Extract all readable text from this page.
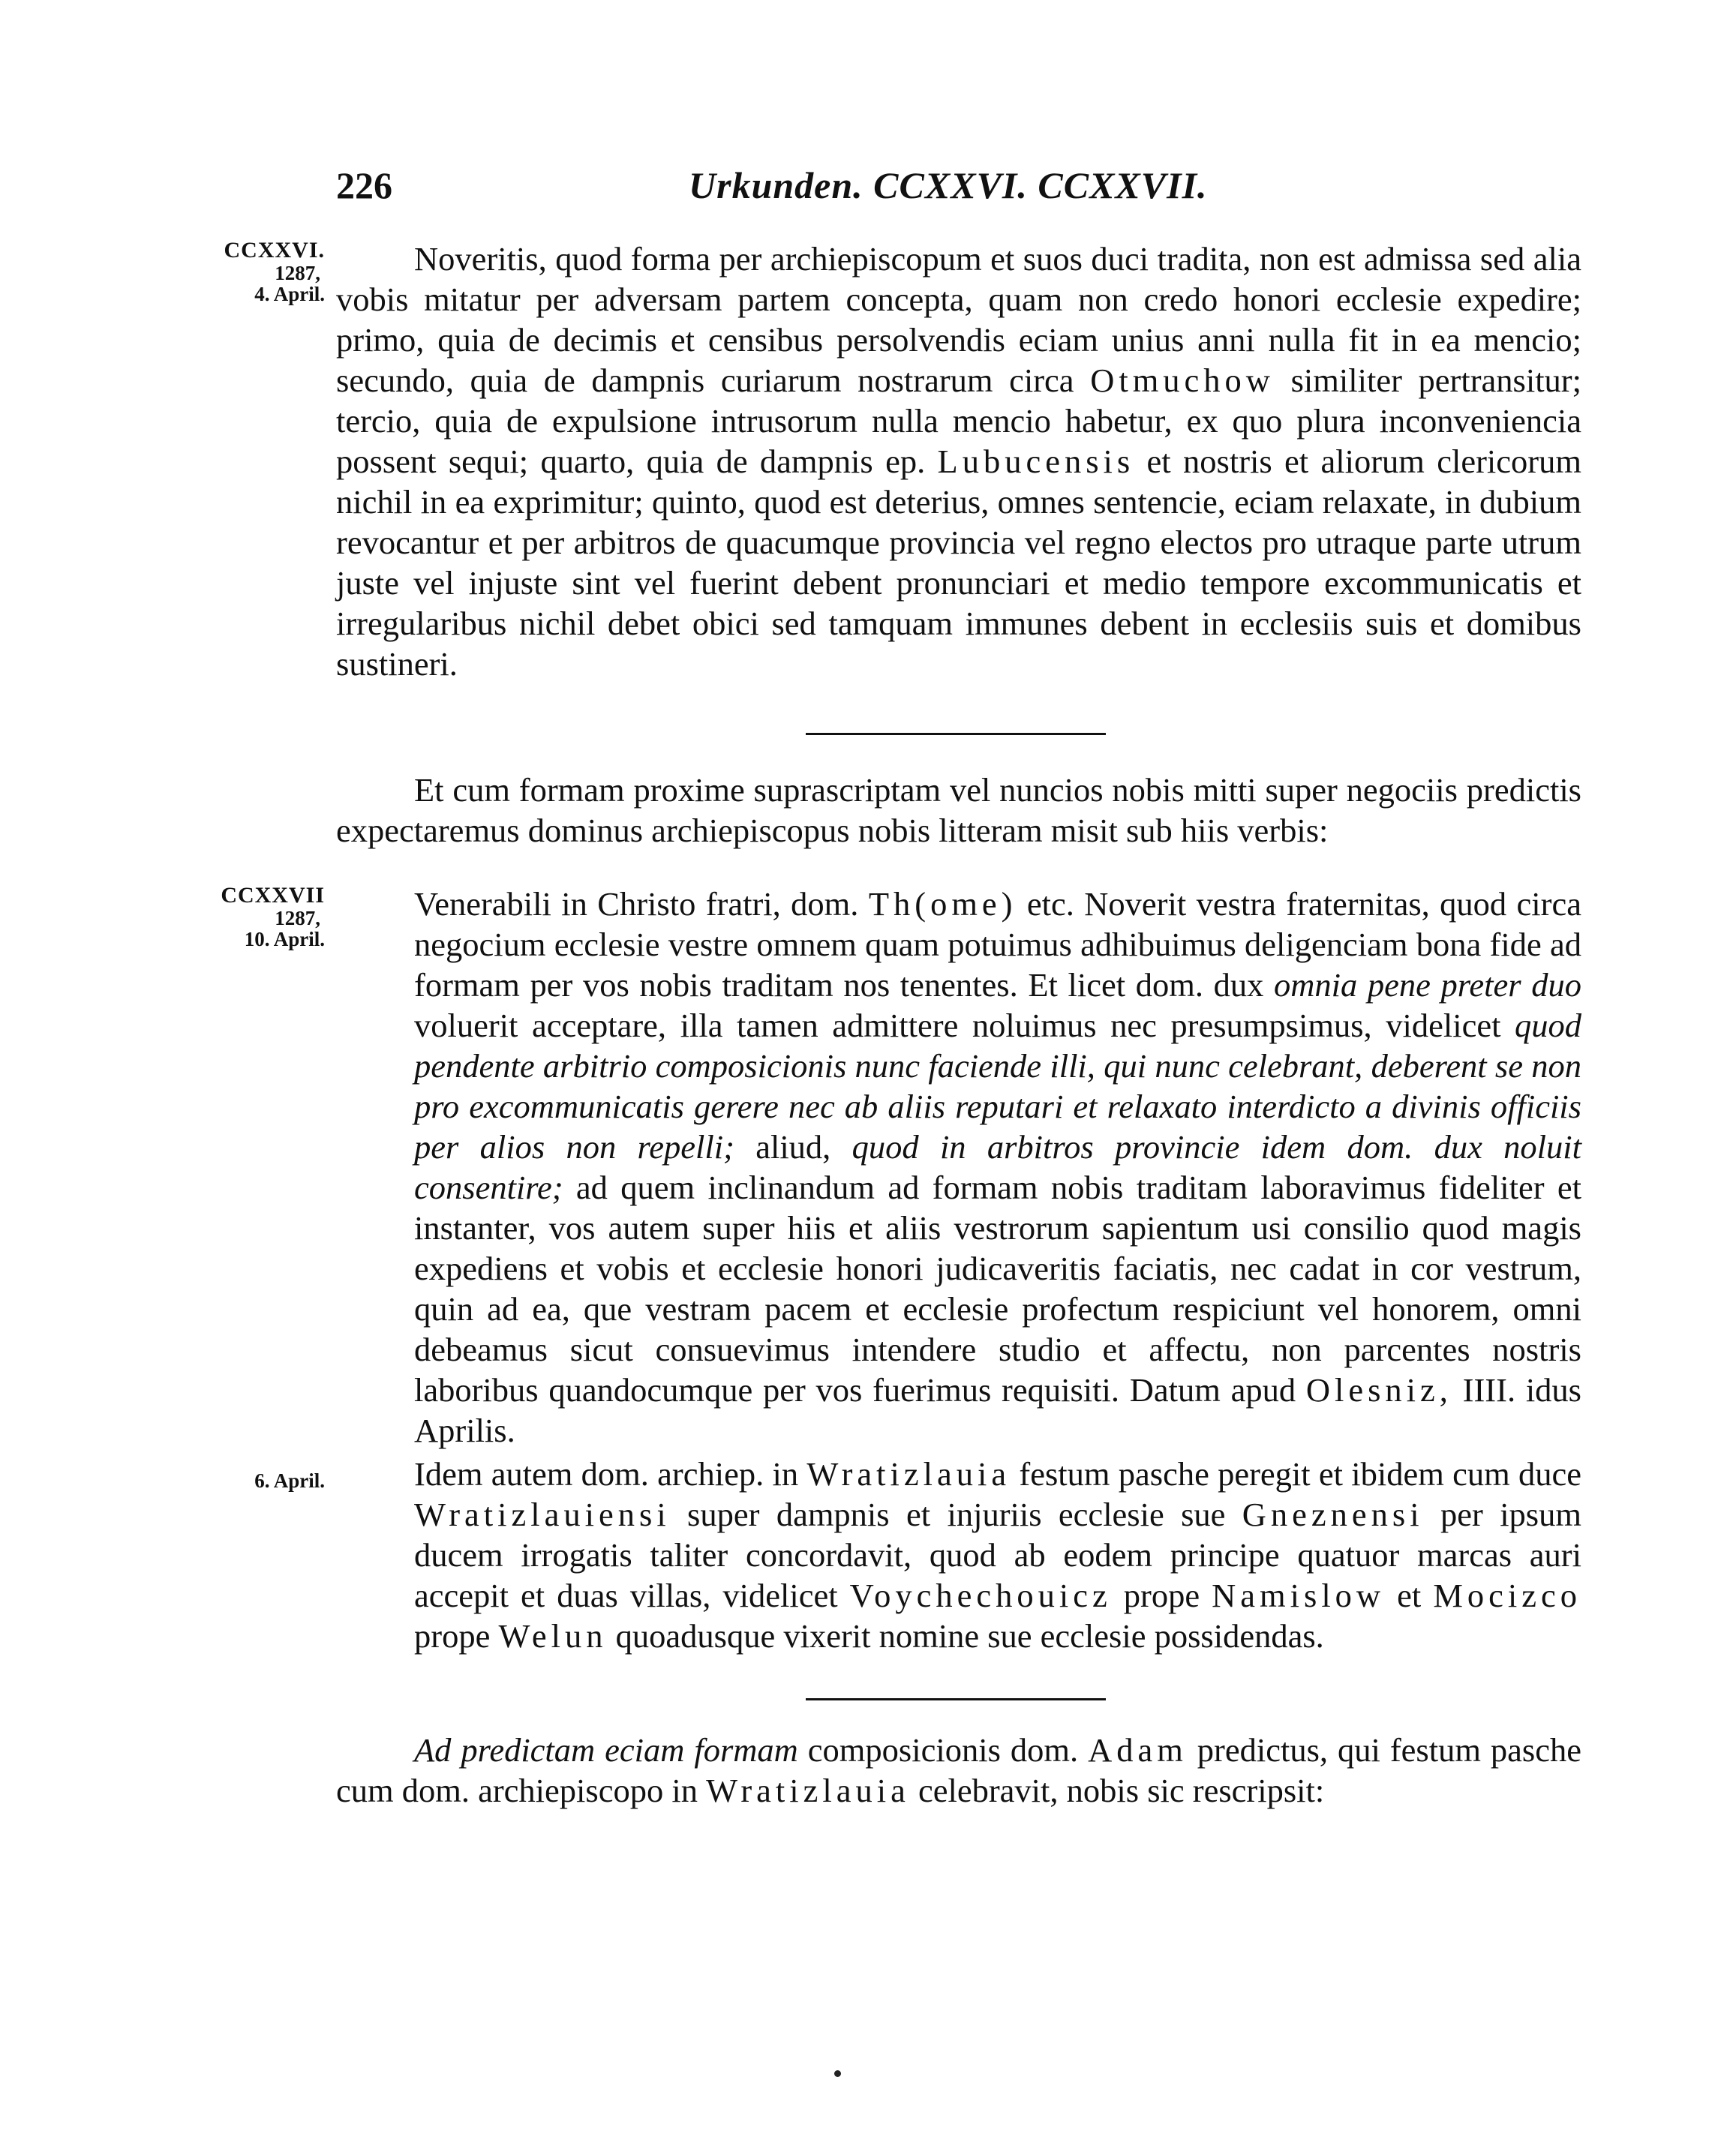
226	Urkunden. CCXXVI. CCXXVII.
CCXXVI.
1287,
4. April.
CCXXVII
1287,
10. April.
6. April.

Noveritis, quod forma per archiepiscopum et suos duci tradita, non est admissa sed alia vobis mitatur per adversam partem concepta, quam non credo honori ecclesie expedire; primo, quia de decimis et censibus persolvendis eciam unius anni nulla fit in ea mencio; secundo, quia de dampnis curiarum nostrarum circa Otmuchow similiter pertransitur; tercio, quia de expulsione intrusorum nulla mencio habetur, ex quo plura inconveniencia possent sequi; quarto, quia de dampnis ep. Lubucensis et nostris et aliorum clericorum nichil in ea exprimitur; quinto, quod est deterius, omnes sentencie, eciam relaxate, in dubium revocantur et per arbitros de quacumque provincia vel regno electos pro utraque parte utrum juste vel injuste sint vel fuerint debent pronunciari et medio tempore excommunicatis et irregularibus nichil debet obici sed tamquam immunes debent in ecclesiis suis et domibus sustineri.

Et cum formam proxime suprascriptam vel nuncios nobis mitti super negociis predictis expectaremus dominus archiepiscopus nobis litteram misit sub hiis verbis:

Venerabili in Christo fratri, dom. Th(ome) etc. Noverit vestra fraternitas, quod circa negocium ecclesie vestre omnem quam potuimus adhibuimus deligenciam bona fide ad formam per vos nobis traditam nos tenentes. Et licet dom. dux omnia pene preter duo voluerit acceptare, illa tamen admittere noluimus nec presumpsimus, videlicet quod pendente arbitrio composicionis nunc faciende illi, qui nunc celebrant, deberent se non pro excommunicatis gerere nec ab aliis reputari et relaxato interdicto a divinis officiis per alios non repelli; aliud, quod in arbitros provincie idem dom. dux noluit consentire; ad quem inclinandum ad formam nobis traditam laboravimus fideliter et instanter, vos autem super hiis et aliis vestrorum sapientum usi consilio quod magis expediens et vobis et ecclesie honori judicaveritis faciatis, nec cadat in cor vestrum, quin ad ea, que vestram pacem et ecclesie profectum respiciunt vel honorem, omni debeamus sicut consuevimus intendere studio et affectu, non parcentes nostris laboribus quandocumque per vos fuerimus requisiti. Datum apud Olesniz, IIII. idus Aprilis.

Idem autem dom. archiep. in Wratizlauia festum pasche peregit et ibidem cum duce Wratizlauiensi super dampnis et injuriis ecclesie sue Gneznensi per ipsum ducem irrogatis taliter concordavit, quod ab eodem principe quatuor marcas auri accepit et duas villas, videlicet Voychechouicz prope Namislow et Mocizco prope Welun quoadusque vixerit nomine sue ecclesie possidendas.

Ad predictam eciam formam composicionis dom. Adam predictus, qui festum pasche cum dom. archiepiscopo in Wratizlauia celebravit, nobis sic rescripsit:
